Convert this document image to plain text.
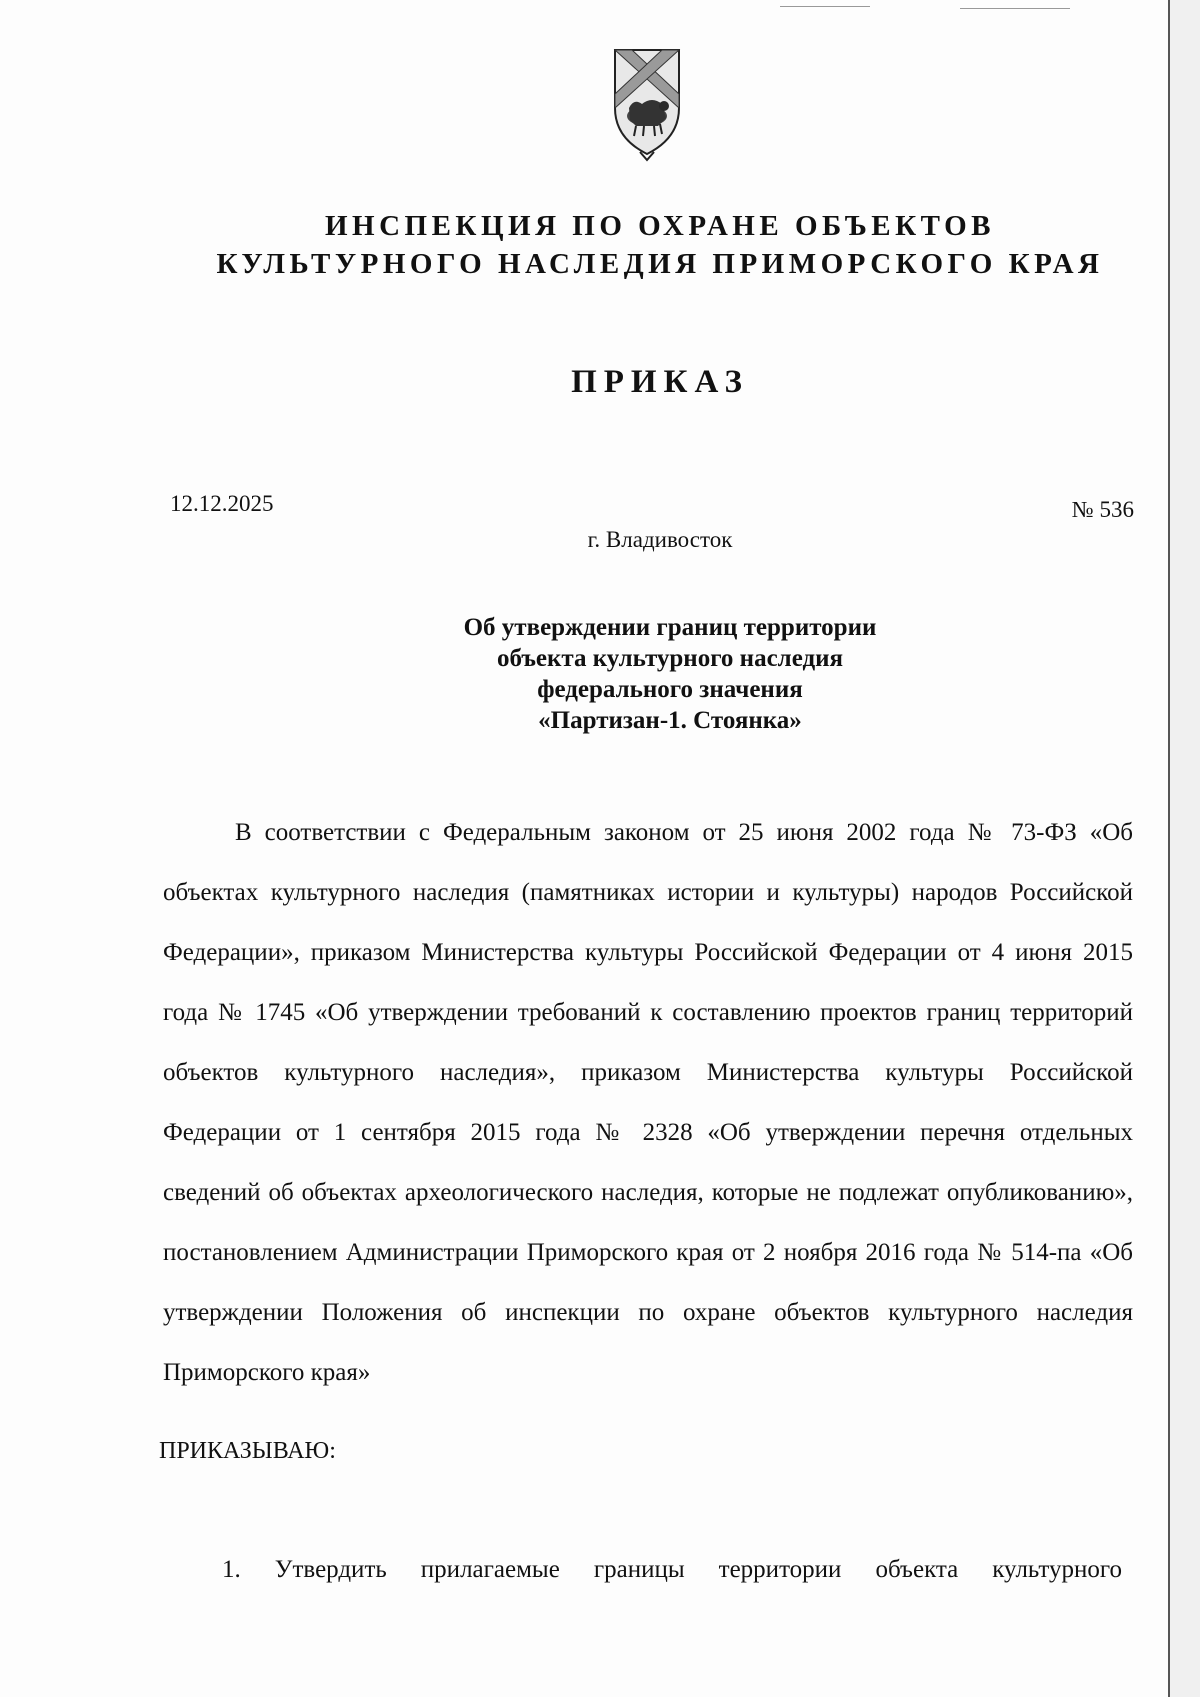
ИНСПЕКЦИЯ ПО ОХРАНЕ ОБЪЕКТОВ
КУЛЬТУРНОГО НАСЛЕДИЯ ПРИМОРСКОГО КРАЯ
ПРИКАЗ
12.12.2025	№ 536
г. Владивосток
Об утверждении границ территории
объекта культурного наследия
федерального значения
«Партизан-1. Стоянка»
В соответствии с Федеральным законом от 25 июня 2002 года № 73-ФЗ «Об объектах культурного наследия (памятниках истории и культуры) народов Российской Федерации», приказом Министерства культуры Российской Федерации от 4 июня 2015 года № 1745 «Об утверждении требований к составлению проектов границ территорий объектов культурного наследия», приказом Министерства культуры Российской Федерации от 1 сентября 2015 года № 2328 «Об утверждении перечня отдельных сведений об объектах археологического наследия, которые не подлежат опубликованию», постановлением Администрации Приморского края от 2 ноября 2016 года № 514-па «Об утверждении Положения об инспекции по охране объектов культурного наследия Приморского края»
ПРИКАЗЫВАЮ:
1. Утвердить прилагаемые границы территории объекта культурного
